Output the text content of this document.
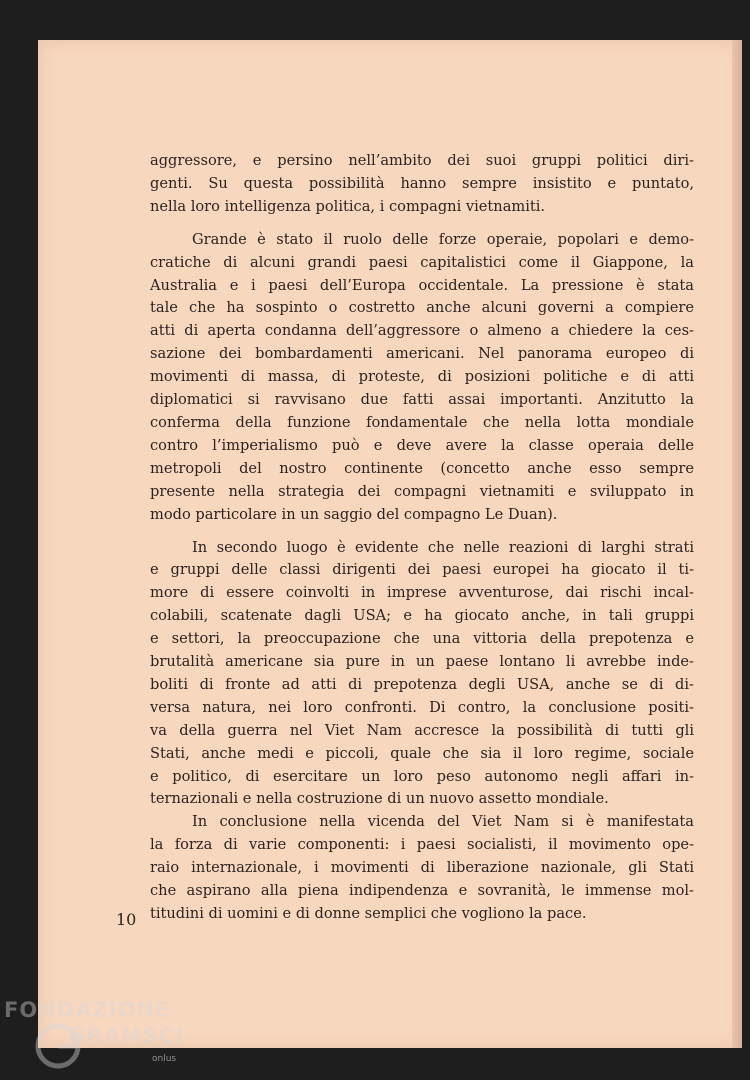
aggressore, e persino nell’ambito dei suoi gruppi politici diri-
genti. Su questa possibilità hanno sempre insistito e puntato,
nella loro intelligenza politica, i compagni vietnamiti.
Grande è stato il ruolo delle forze operaie, popolari e demo-
cratiche di alcuni grandi paesi capitalistici come il Giappone, la
Australia e i paesi dell’Europa occidentale. La pressione è stata
tale che ha sospinto o costretto anche alcuni governi a compiere
atti di aperta condanna dell’aggressore o almeno a chiedere la ces-
sazione dei bombardamenti americani. Nel panorama europeo di
movimenti di massa, di proteste, di posizioni politiche e di atti
diplomatici si ravvisano due fatti assai importanti. Anzitutto la
conferma della funzione fondamentale che nella lotta mondiale
contro l’imperialismo può e deve avere la classe operaia delle
metropoli del nostro continente (concetto anche esso sempre
presente nella strategia dei compagni vietnamiti e sviluppato in
modo particolare in un saggio del compagno Le Duan).
In secondo luogo è evidente che nelle reazioni di larghi strati
e gruppi delle classi dirigenti dei paesi europei ha giocato il ti-
more di essere coinvolti in imprese avventurose, dai rischi incal-
colabili, scatenate dagli USA; e ha giocato anche, in tali gruppi
e settori, la preoccupazione che una vittoria della prepotenza e
brutalità americane sia pure in un paese lontano li avrebbe inde-
boliti di fronte ad atti di prepotenza degli USA, anche se di di-
versa natura, nei loro confronti. Di contro, la conclusione positi-
va della guerra nel Viet Nam accresce la possibilità di tutti gli
Stati, anche medi e piccoli, quale che sia il loro regime, sociale
e politico, di esercitare un loro peso autonomo negli affari in-
ternazionali e nella costruzione di un nuovo assetto mondiale.
In conclusione nella vicenda del Viet Nam si è manifestata
la forza di varie componenti: i paesi socialisti, il movimento ope-
raio internazionale, i movimenti di liberazione nazionale, gli Stati
che aspirano alla piena indipendenza e sovranità, le immense mol-
titudini di uomini e di donne semplici che vogliono la pace.
10
FONDAZIONE
GRAMSCI
onlus
